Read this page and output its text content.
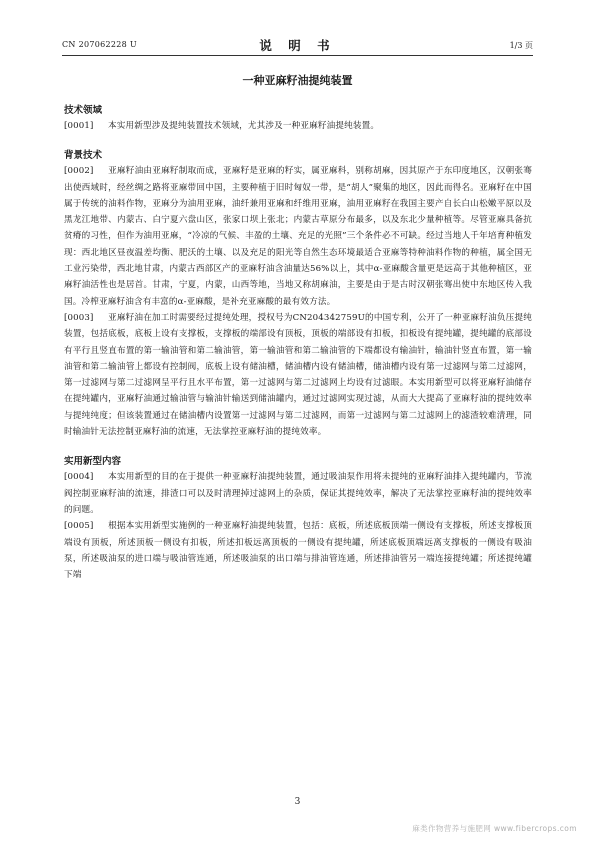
CN 207062228 U	说 明 书	1/3 页
一种亚麻籽油提纯装置
技术领域

[0001] 本实用新型涉及提纯装置技术领域，尤其涉及一种亚麻籽油提纯装置。

背景技术

[0002] 亚麻籽油由亚麻籽制取而成，亚麻籽是亚麻的籽实，属亚麻科，别称胡麻，因其原产于东印度地区，汉朝张骞出使西域时，经丝绸之路将亚麻带回中国，主要种植于旧时匈奴一带，是“胡人”聚集的地区，因此而得名。亚麻籽在中国属于传统的油料作物，亚麻分为油用亚麻，油纤兼用亚麻和纤维用亚麻，油用亚麻籽在我国主要产自长白山松嫩平原以及黑龙江地带、内蒙古、白宁夏六盘山区，张家口坝上张北；内蒙古草原分布最多，以及东北少量种植等。尽管亚麻具备抗贫瘠的习性，但作为油用亚麻，“冷凉的气候、丰盈的土壤、充足的光照”三个条件必不可缺。经过当地人千年培育种植发现：西北地区昼夜温差均衡、肥沃的土壤、以及充足的阳光等自然生态环境最适合亚麻等特种油料作物的种植，属全国无工业污染带，西北地甘肃，内蒙古西部区产的亚麻籽油含油量达56%以上，其中α-亚麻酸含量更是远高于其他种植区，亚麻籽油活性也是居首。甘肃，宁夏，内蒙，山西等地，当地又称胡麻油，主要是由于是古时汉朝张骞出使中东地区传入我国。冷榨亚麻籽油含有丰富的α-亚麻酸，是补充亚麻酸的最有效方法。

[0003] 亚麻籽油在加工时需要经过提纯处理，授权号为CN204342759U的中国专利，公开了一种亚麻籽油负压提纯装置，包括底板，底板上设有支撑板，支撑板的端部设有顶板，顶板的端部设有扣板，扣板设有提纯罐，提纯罐的底部设有平行且竖直布置的第一输油管和第二输油管，第一输油管和第二输油管的下端都设有输油针，输油针竖直布置，第一输油管和第二输油管上都设有控制阀，底板上设有储油槽，储油槽内设有储油槽，储油槽内设有第一过滤网与第二过滤网，第一过滤网与第二过滤网呈平行且水平布置，第一过滤网与第二过滤网上均设有过滤眼。本实用新型可以将亚麻籽油储存在提纯罐内，亚麻籽油通过输油管与输油针输送到储油罐内，通过过滤网实现过滤，从而大大提高了亚麻籽油的提纯效率与提纯纯度；但该装置通过在储油槽内设置第一过滤网与第二过滤网，而第一过滤网与第二过滤网上的滤渣较难清理，同时输油针无法控制亚麻籽油的流速，无法掌控亚麻籽油的提纯效率。

实用新型内容

[0004] 本实用新型的目的在于提供一种亚麻籽油提纯装置，通过吸油泵作用将未提纯的亚麻籽油排入提纯罐内，节流阀控制亚麻籽油的流速，排渣口可以及时清理掉过滤网上的杂质，保证其提纯效率，解决了无法掌控亚麻籽油的提纯效率的问题。

[0005] 根据本实用新型实施例的一种亚麻籽油提纯装置，包括：底板，所述底板顶端一侧设有支撑板，所述支撑板顶端设有顶板，所述顶板一侧设有扣板，所述扣板远离顶板的一侧设有提纯罐，所述底板顶端远离支撑板的一侧设有吸油泵，所述吸油泵的进口端与吸油管连通，所述吸油泵的出口端与排油管连通，所述排油管另一端连接提纯罐；所述提纯罐下端

3
麻类作物营养与施肥网 www.fibercrops.com
